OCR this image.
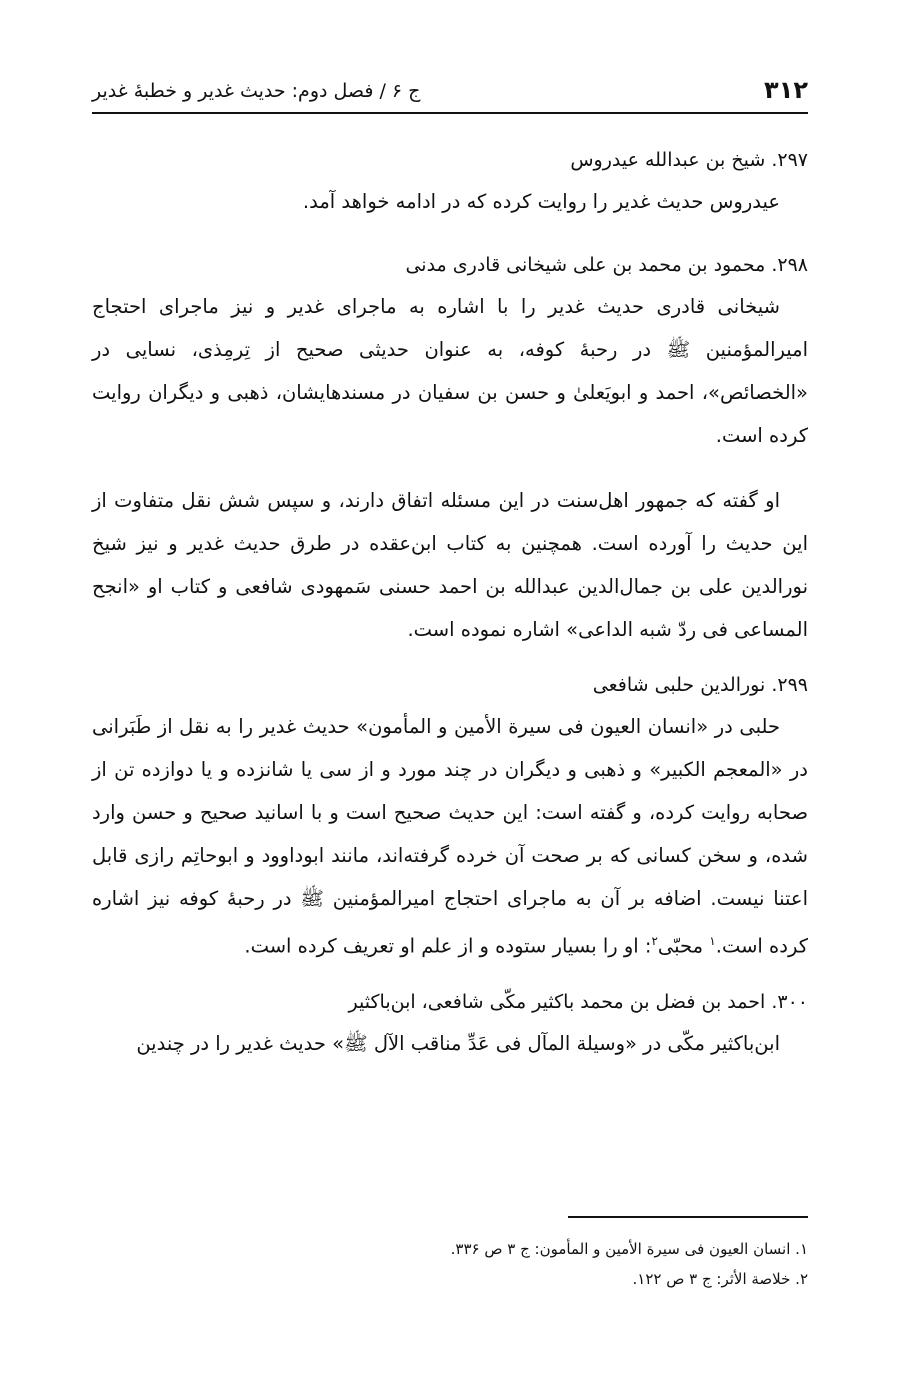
۳۱۲
ج ۶ / فصل دوم: حدیث غدیر و خطبهٔ غدیر

۲۹۷. شیخ بن عبدالله عیدروس

عیدروس حدیث غدیر را روایت کرده که در ادامه خواهد آمد.

۲۹۸. محمود بن محمد بن علی شیخانی قادری مدنی

شیخانی قادری حدیث غدیر را با اشاره به ماجرای غدیر و نیز ماجرای احتجاج امیرالمؤمنین ﷺ در رحبهٔ کوفه، به عنوان حدیثی صحیح از تِرمِذی، نسایی در «الخصائص»، احمد و ابویَعلیٰ و حسن بن سفیان در مسندهایشان، ذهبی و دیگران روایت کرده است.

او گفته که جمهور اهل‌سنت در این مسئله اتفاق دارند، و سپس شش نقل متفاوت از این حدیث را آورده است. همچنین به کتاب ابن‌عقده در طرق حدیث غدیر و نیز شیخ نورالدین علی بن جمال‌الدین عبدالله بن احمد حسنی سَمهودی شافعی و کتاب او «انجح المساعی فی ردّ شبه الداعی» اشاره نموده است.

۲۹۹. نورالدین حلبی شافعی

حلبی در «انسان العیون فی سیرة الأمین و المأمون» حدیث غدیر را به نقل از طَبَرانی در «المعجم الکبیر» و ذهبی و دیگران در چند مورد و از سی یا شانزده و یا دوازده تن از صحابه روایت کرده، و گفته است: این حدیث صحیح است و با اسانید صحیح و حسن وارد شده، و سخن کسانی که بر صحت آن خرده گرفته‌اند، مانند ابوداوود و ابوحاتِم رازی قابل اعتنا نیست. اضافه بر آن به ماجرای احتجاج امیرالمؤمنین ﷺ در رحبهٔ کوفه نیز اشاره کرده است.$^۱$ محبّی$^۲$: او را بسیار ستوده و از علم او تعریف کرده است.

۳۰۰. احمد بن فضل بن محمد باکثیر مکّی شافعی، ابن‌باکثیر

ابن‌باکثیر مکّی در «وسیلة المآل فی عَدِّ مناقب الآل ﷺ» حدیث غدیر را در چندین

۱. انسان العیون فی سیرة الأمین و المأمون: ج ۳ ص ۳۳۶.

۲. خلاصة الأثر: ج ۳ ص ۱۲۲.
